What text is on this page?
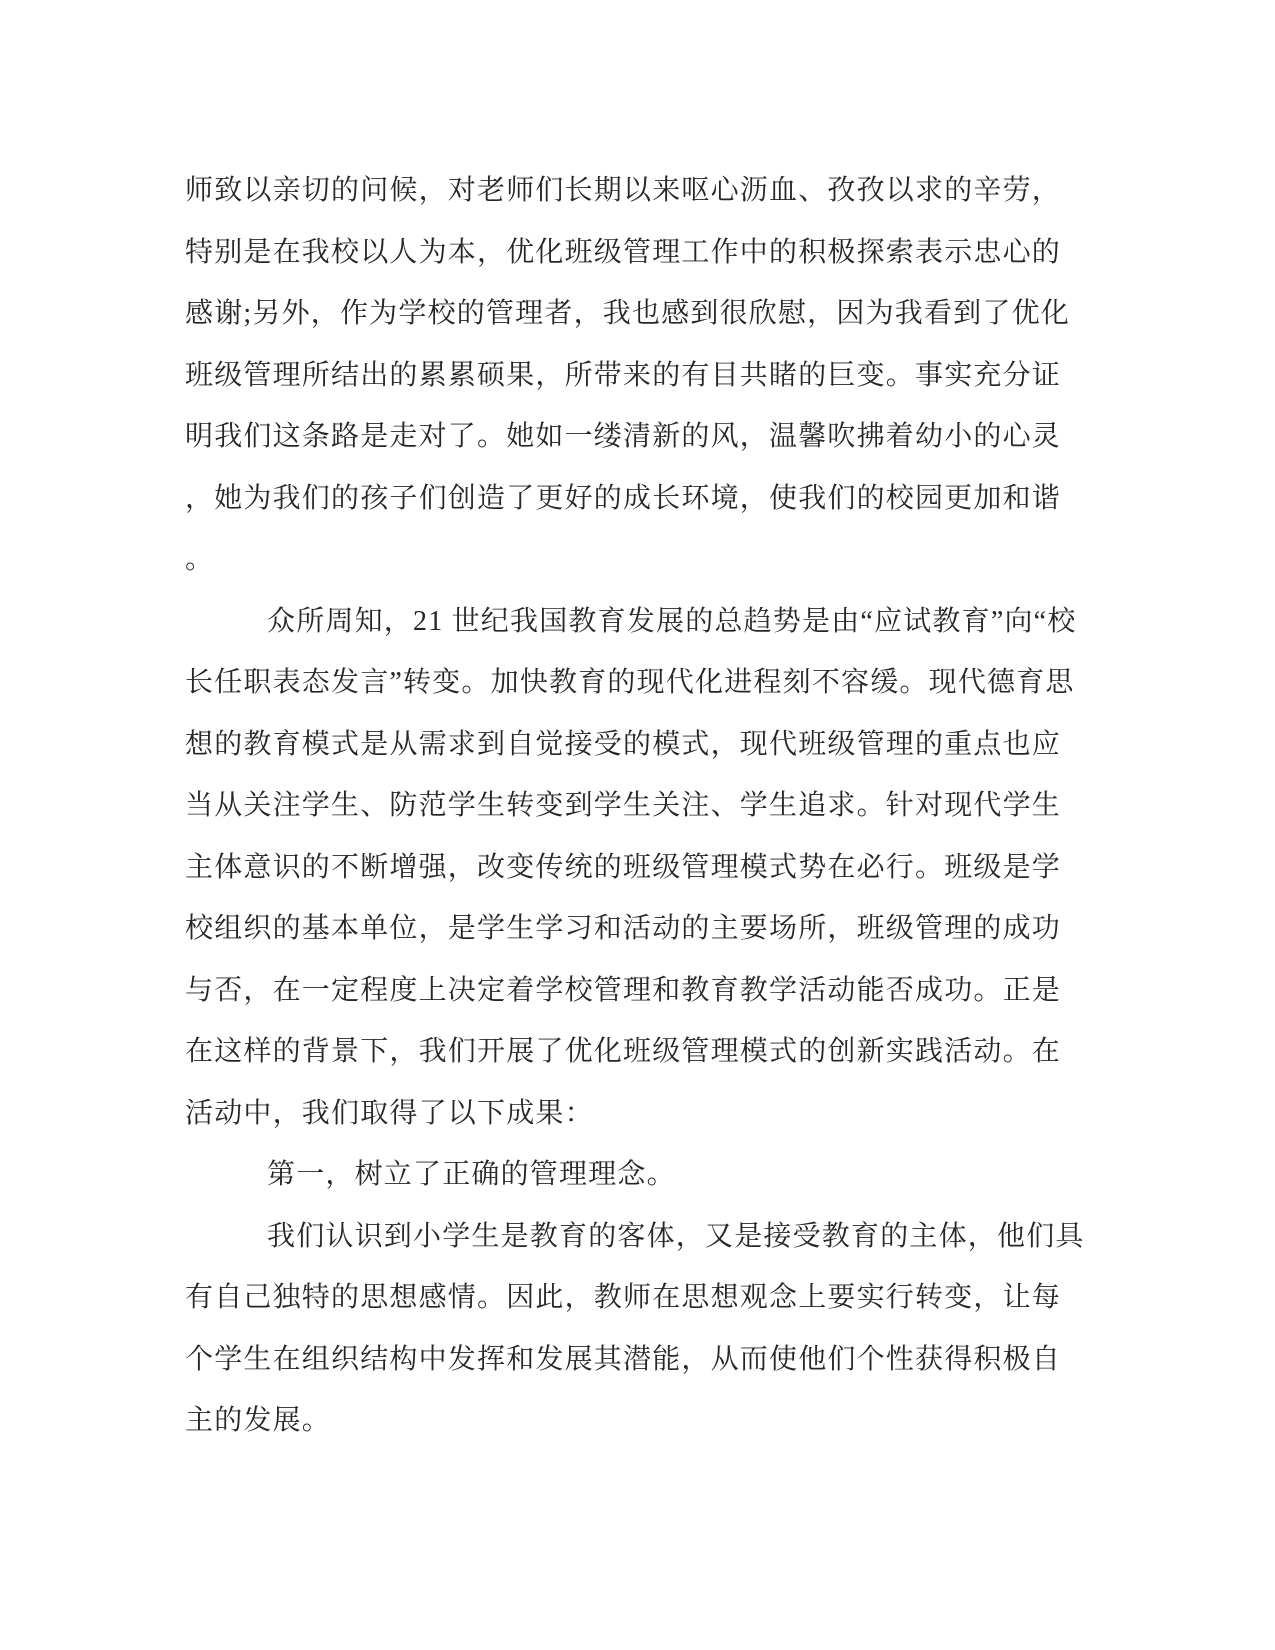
师致以亲切的问候，对老师们长期以来呕心沥血、孜孜以求的辛劳，
特别是在我校以人为本，优化班级管理工作中的积极探索表示忠心的
感谢;另外，作为学校的管理者，我也感到很欣慰，因为我看到了优化
班级管理所结出的累累硕果，所带来的有目共睹的巨变。事实充分证
明我们这条路是走对了。她如一缕清新的风，温馨吹拂着幼小的心灵
，她为我们的孩子们创造了更好的成长环境，使我们的校园更加和谐
。
众所周知，21 世纪我国教育发展的总趋势是由“应试教育”向“校
长任职表态发言”转变。加快教育的现代化进程刻不容缓。现代德育思
想的教育模式是从需求到自觉接受的模式，现代班级管理的重点也应
当从关注学生、防范学生转变到学生关注、学生追求。针对现代学生
主体意识的不断增强，改变传统的班级管理模式势在必行。班级是学
校组织的基本单位，是学生学习和活动的主要场所，班级管理的成功
与否，在一定程度上决定着学校管理和教育教学活动能否成功。正是
在这样的背景下，我们开展了优化班级管理模式的创新实践活动。在
活动中，我们取得了以下成果：
第一，树立了正确的管理理念。
我们认识到小学生是教育的客体，又是接受教育的主体，他们具
有自己独特的思想感情。因此，教师在思想观念上要实行转变，让每
个学生在组织结构中发挥和发展其潜能，从而使他们个性获得积极自
主的发展。
